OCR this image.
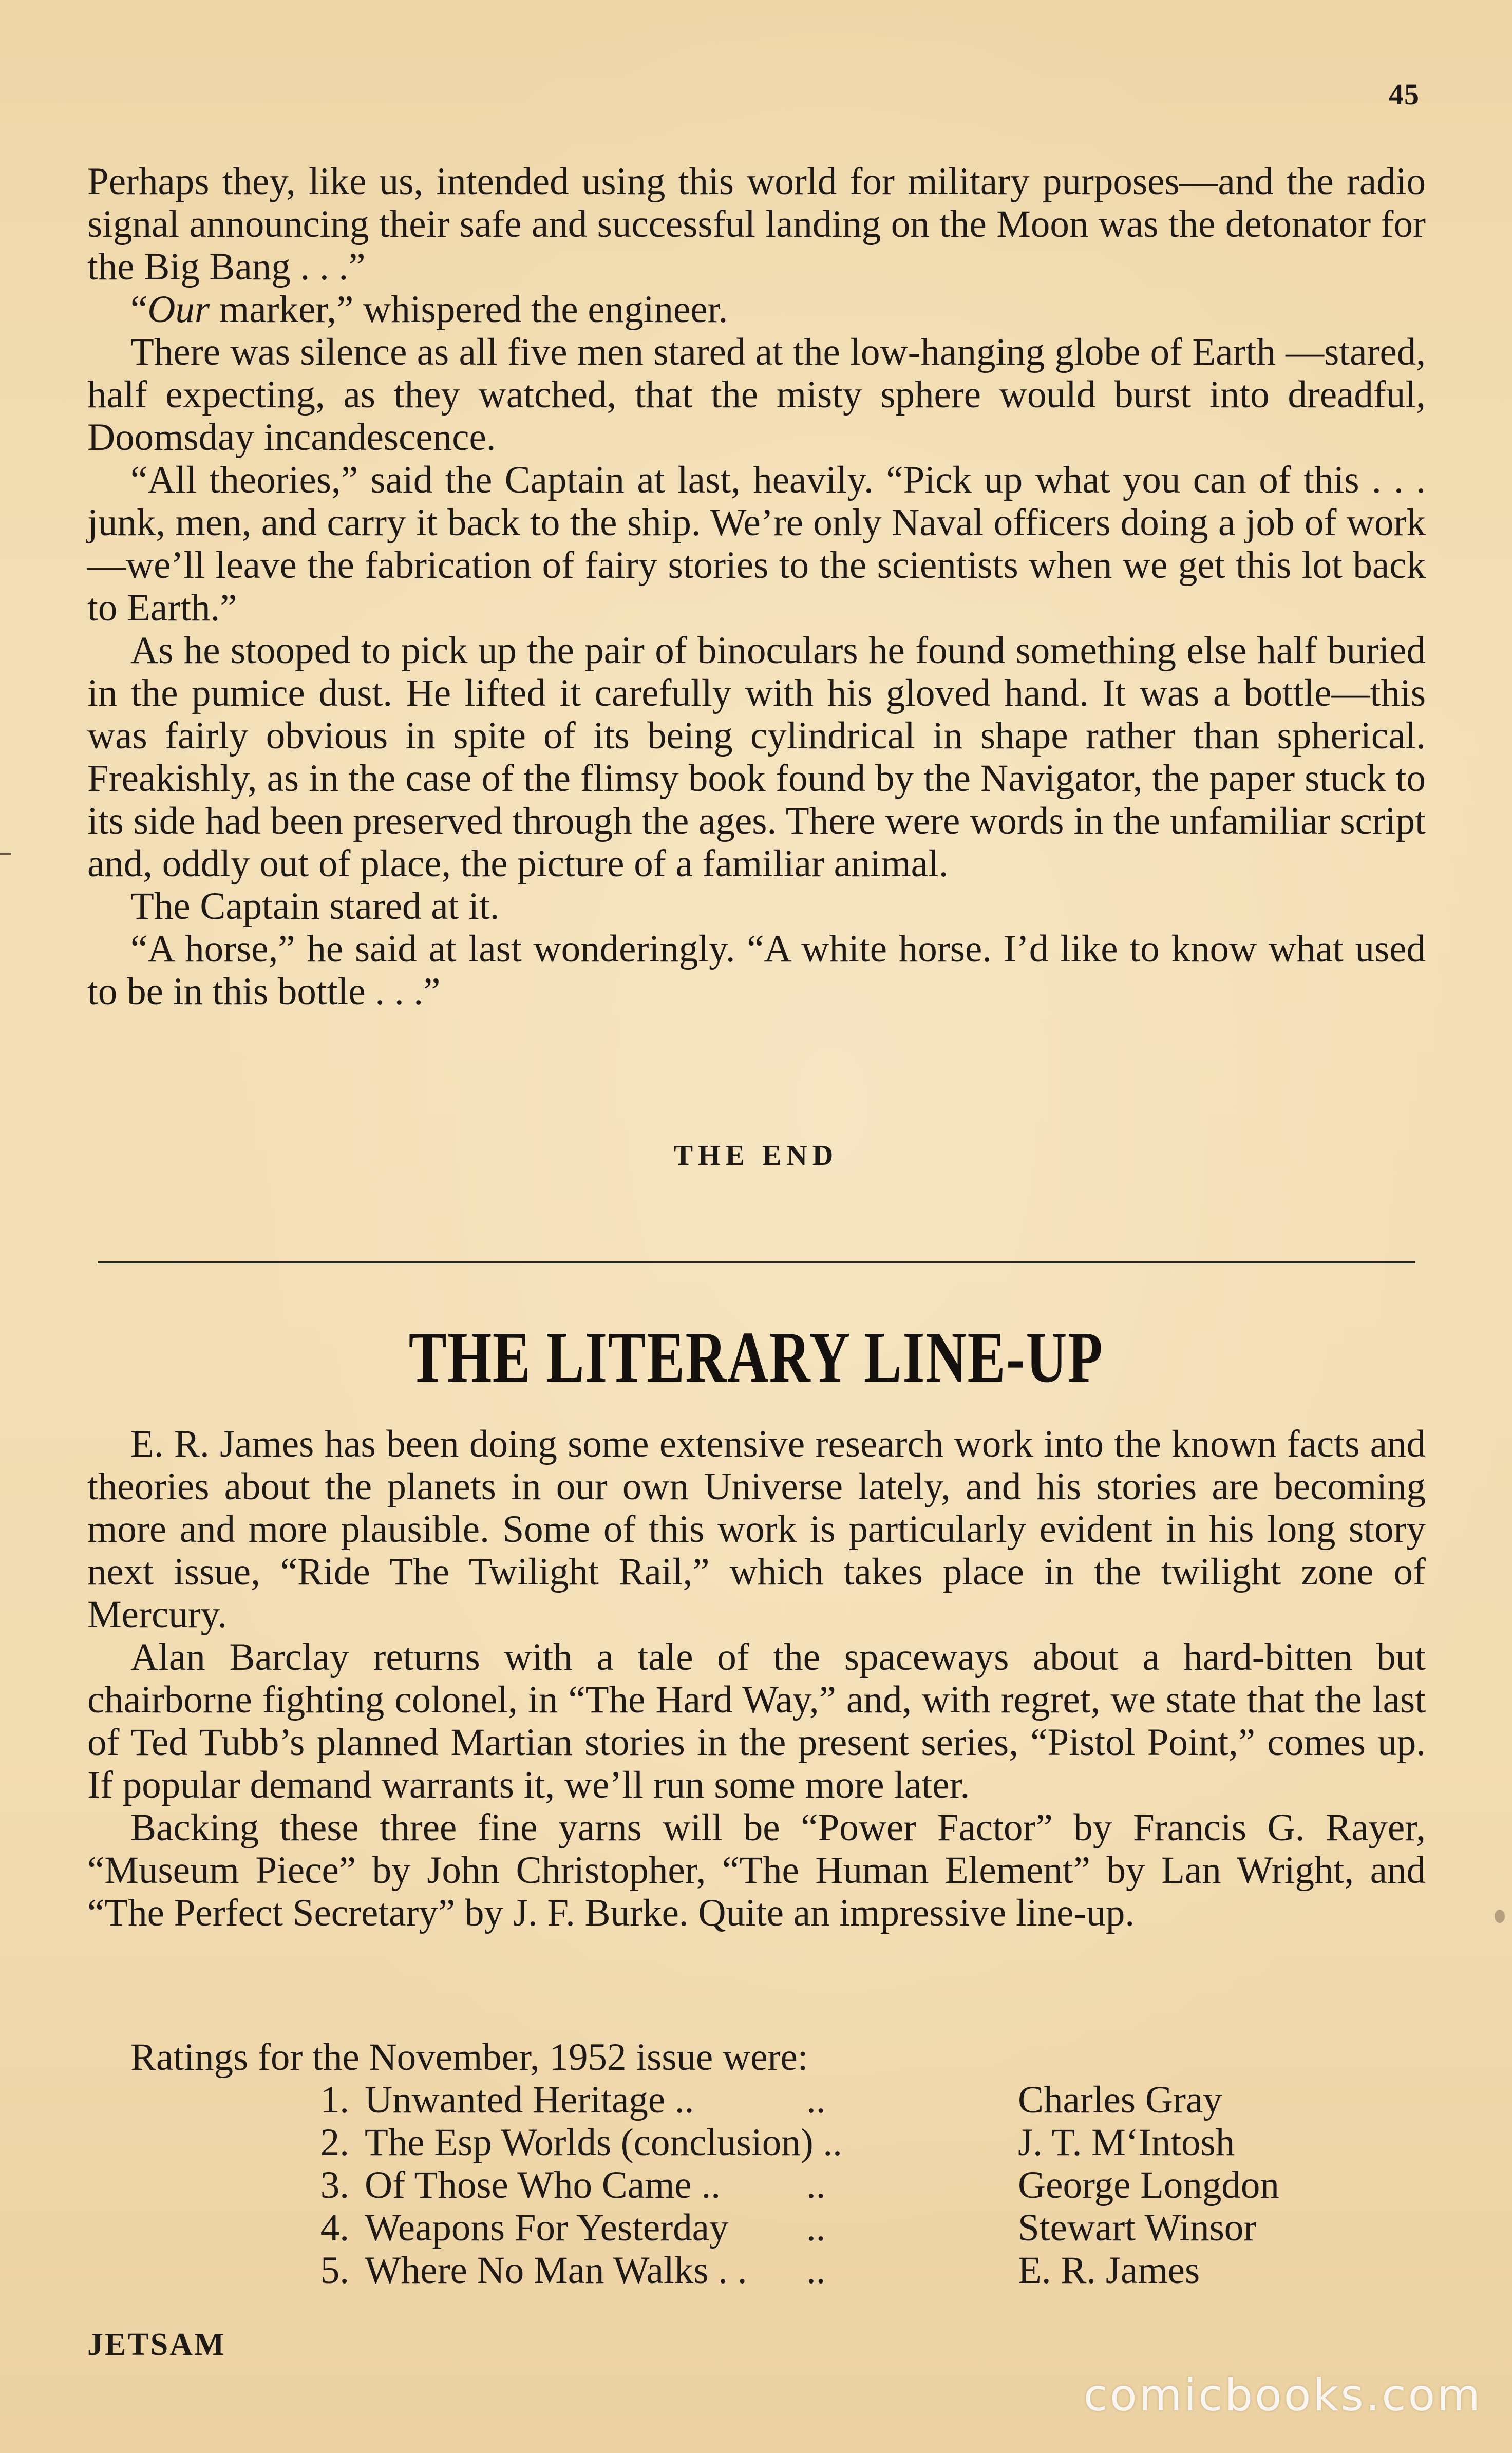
45

Perhaps they, like us, intended using this world for military purposes—and the radio signal announcing their safe and successful landing on the Moon was the detonator for the Big Bang . . .”

“Our marker,” whispered the engineer.

There was silence as all five men stared at the low-hanging globe of Earth —stared, half expecting, as they watched, that the misty sphere would burst into dreadful, Doomsday incandescence.

“All theories,” said the Captain at last, heavily. “Pick up what you can of this . . . junk, men, and carry it back to the ship. We’re only Naval officers doing a job of work—we’ll leave the fabrication of fairy stories to the scientists when we get this lot back to Earth.”

As he stooped to pick up the pair of binoculars he found something else half buried in the pumice dust. He lifted it carefully with his gloved hand. It was a bottle—this was fairly obvious in spite of its being cylindrical in shape rather than spherical. Freakishly, as in the case of the flimsy book found by the Navigator, the paper stuck to its side had been preserved through the ages. There were words in the unfamiliar script and, oddly out of place, the picture of a familiar animal.

The Captain stared at it.

“A horse,” he said at last wonderingly. “A white horse. I’d like to know what used to be in this bottle . . .”

THE END
THE LITERARY LINE-UP

E. R. James has been doing some extensive research work into the known facts and theories about the planets in our own Universe lately, and his stories are becoming more and more plausible. Some of this work is particularly evident in his long story next issue, “Ride The Twilight Rail,” which takes place in the twilight zone of Mercury.

Alan Barclay returns with a tale of the spaceways about a hard-bitten but chairborne fighting colonel, in “The Hard Way,” and, with regret, we state that the last of Ted Tubb’s planned Martian stories in the present series, “Pistol Point,” comes up. If popular demand warrants it, we’ll run some more later.

Backing these three fine yarns will be “Power Factor” by Francis G. Rayer, “Museum Piece” by John Christopher, “The Human Element” by Lan Wright, and “The Perfect Secretary” by J. F. Burke. Quite an impressive line-up.

Ratings for the November, 1952 issue were:

1. Unwanted Heritage ..	..	Charles Gray
2. The Esp Worlds (conclusion) ..	J. T. M‘Intosh
3. Of Those Who Came .. ..	George Longdon
4. Weapons For Yesterday ..	Stewart Winsor
5. Where No Man Walks . . ..	E. R. James
JETSAM
comicbooks.com
